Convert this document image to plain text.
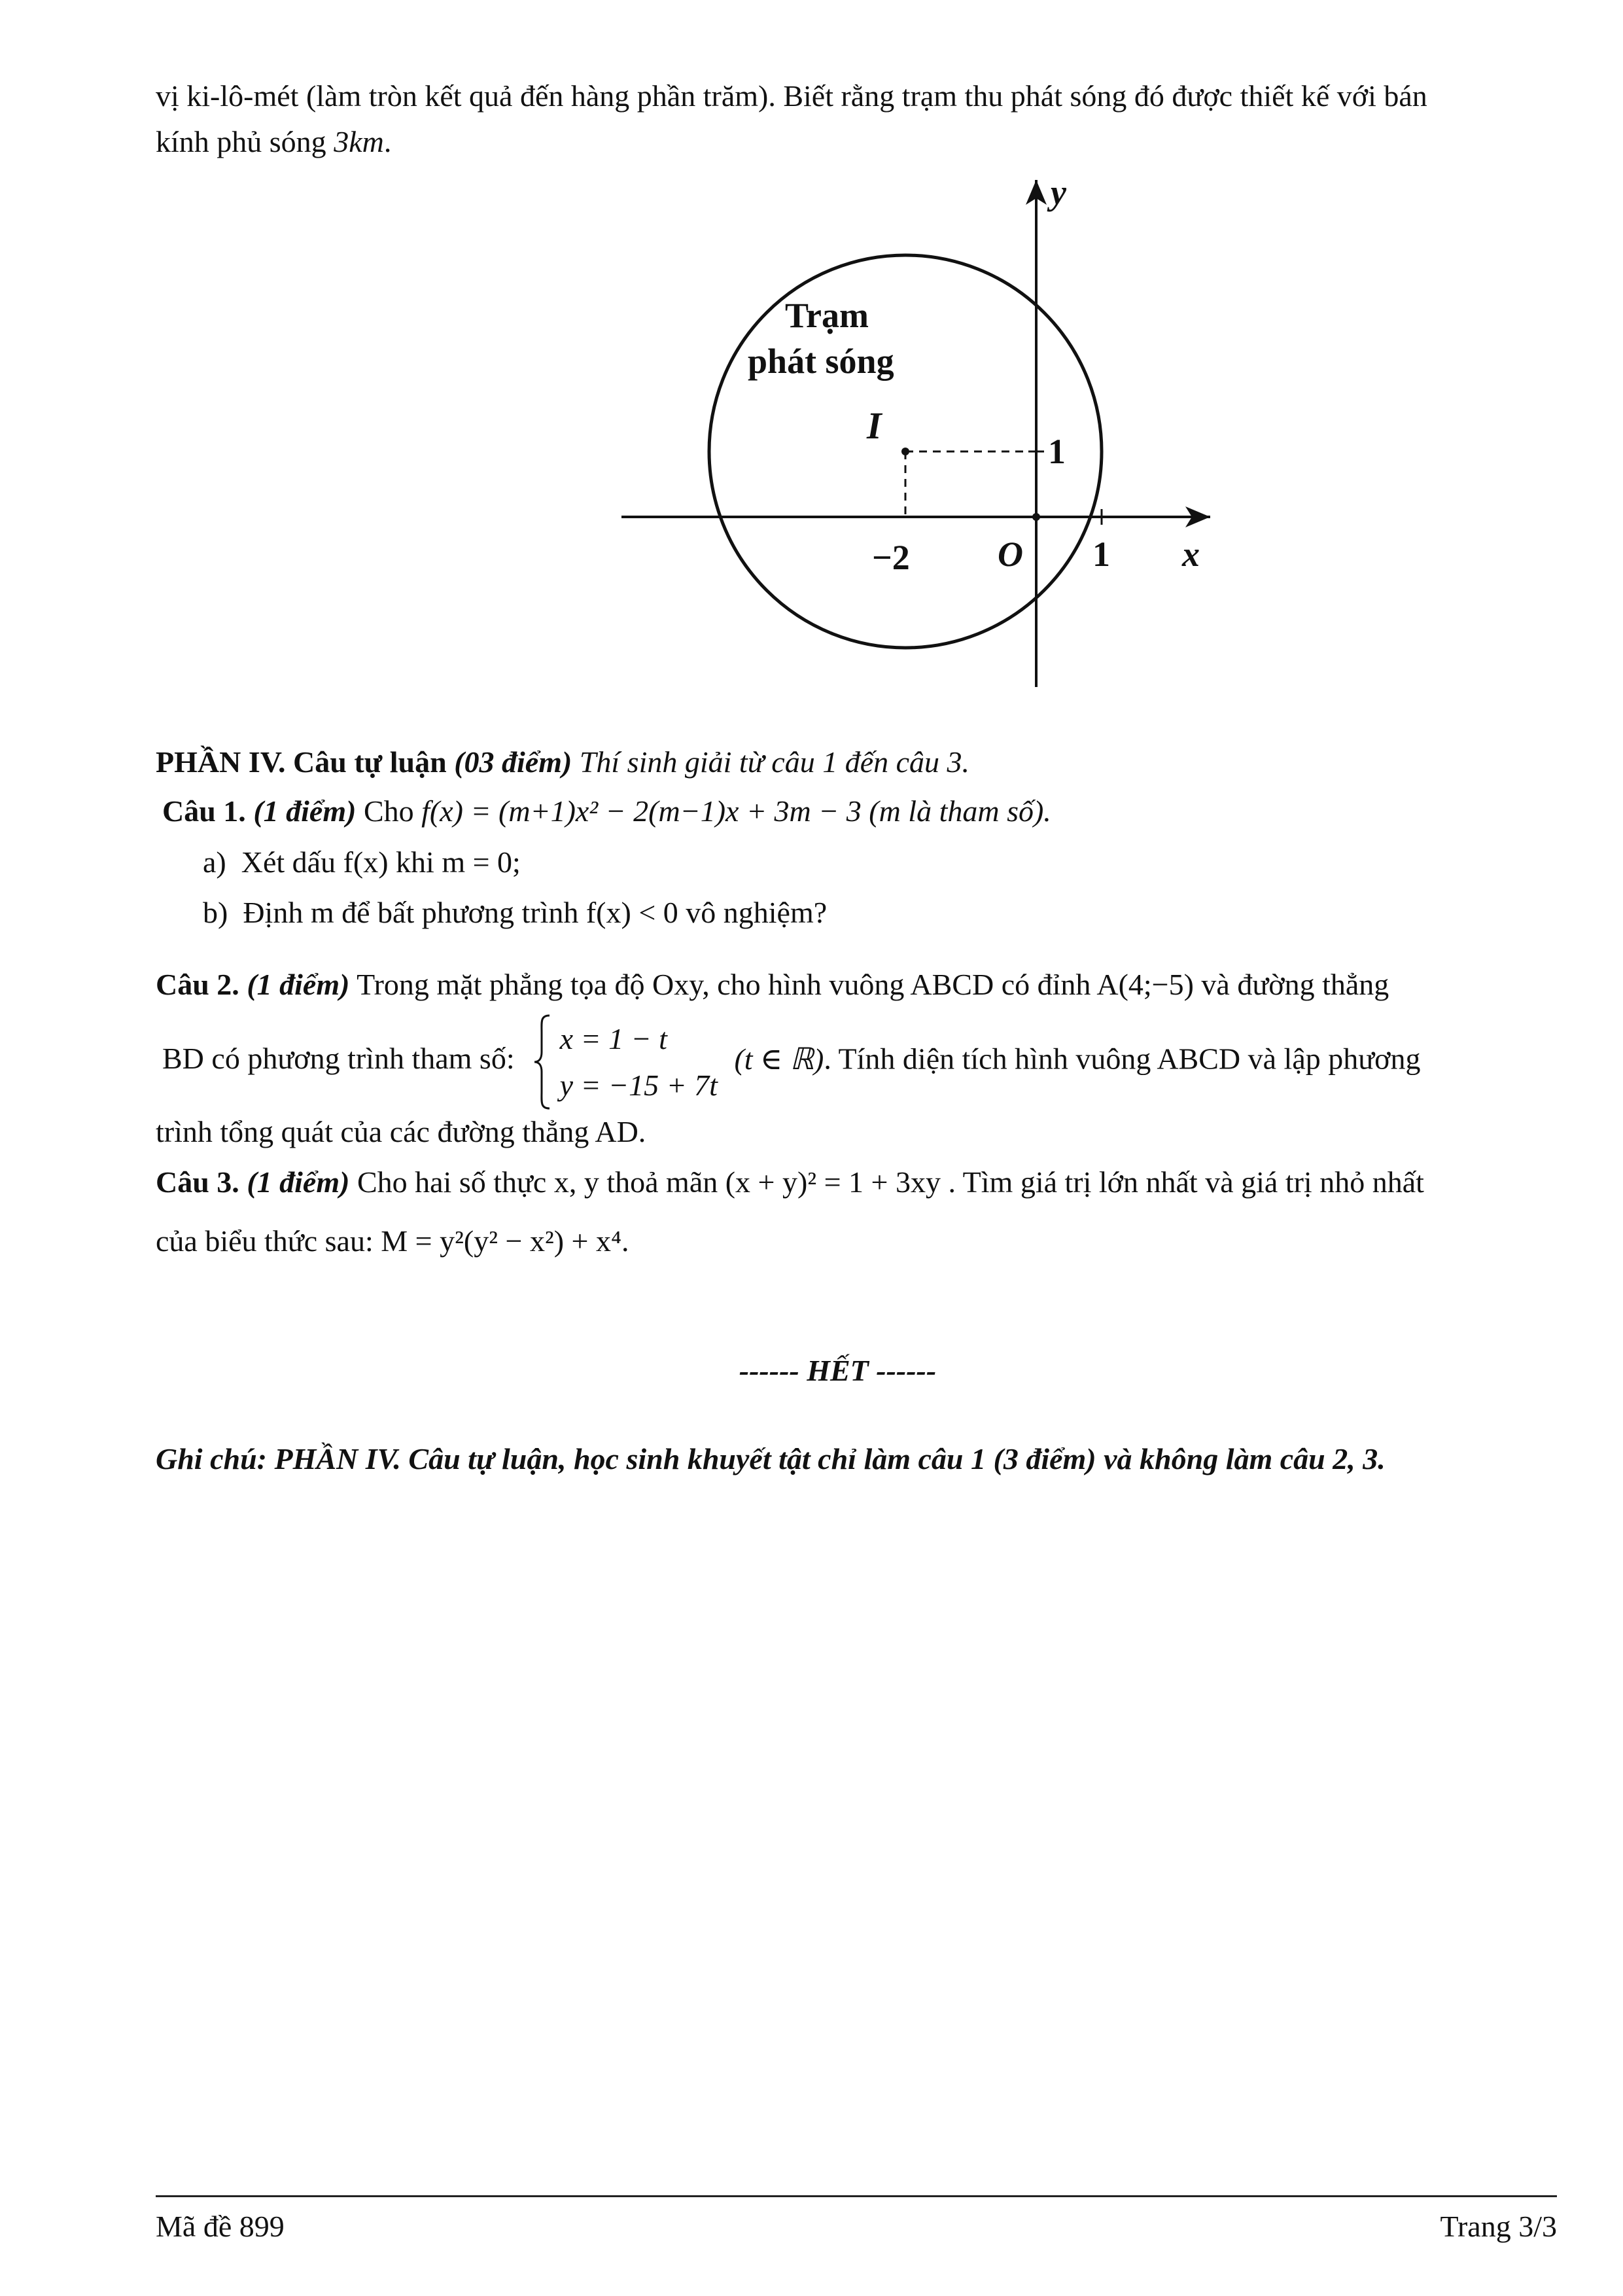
vị ki-lô-mét (làm tròn kết quả đến hàng phần trăm). Biết rằng trạm thu phát sóng đó được thiết kế với bán
kính phủ sóng 3km.
Trạm
phát sóng
I
y
x
O
−2	1
1
PHẦN IV. Câu tự luận (03 điểm) Thí sinh giải từ câu 1 đến câu 3.
Câu 1. (1 điểm) Cho f(x) = (m+1)x² − 2(m−1)x + 3m − 3 (m là tham số).
a) Xét dấu f(x) khi m = 0;
b) Định m để bất phương trình f(x) < 0 vô nghiệm?
Câu 2. (1 điểm) Trong mặt phẳng tọa độ Oxy, cho hình vuông ABCD có đỉnh A(4;−5) và đường thẳng
BD có phương trình tham số:
x = 1 − t
y = −15 + 7t
(t ∈ ℝ). Tính diện tích hình vuông ABCD và lập phương
trình tổng quát của các đường thẳng AD.
Câu 3. (1 điểm) Cho hai số thực x, y thoả mãn (x + y)² = 1 + 3xy . Tìm giá trị lớn nhất và giá trị nhỏ nhất
của biểu thức sau: M = y²(y² − x²) + x⁴.
------ HẾT ------
Ghi chú: PHẦN IV. Câu tự luận, học sinh khuyết tật chỉ làm câu 1 (3 điểm) và không làm câu 2, 3.
Mã đề 899	Trang 3/3
